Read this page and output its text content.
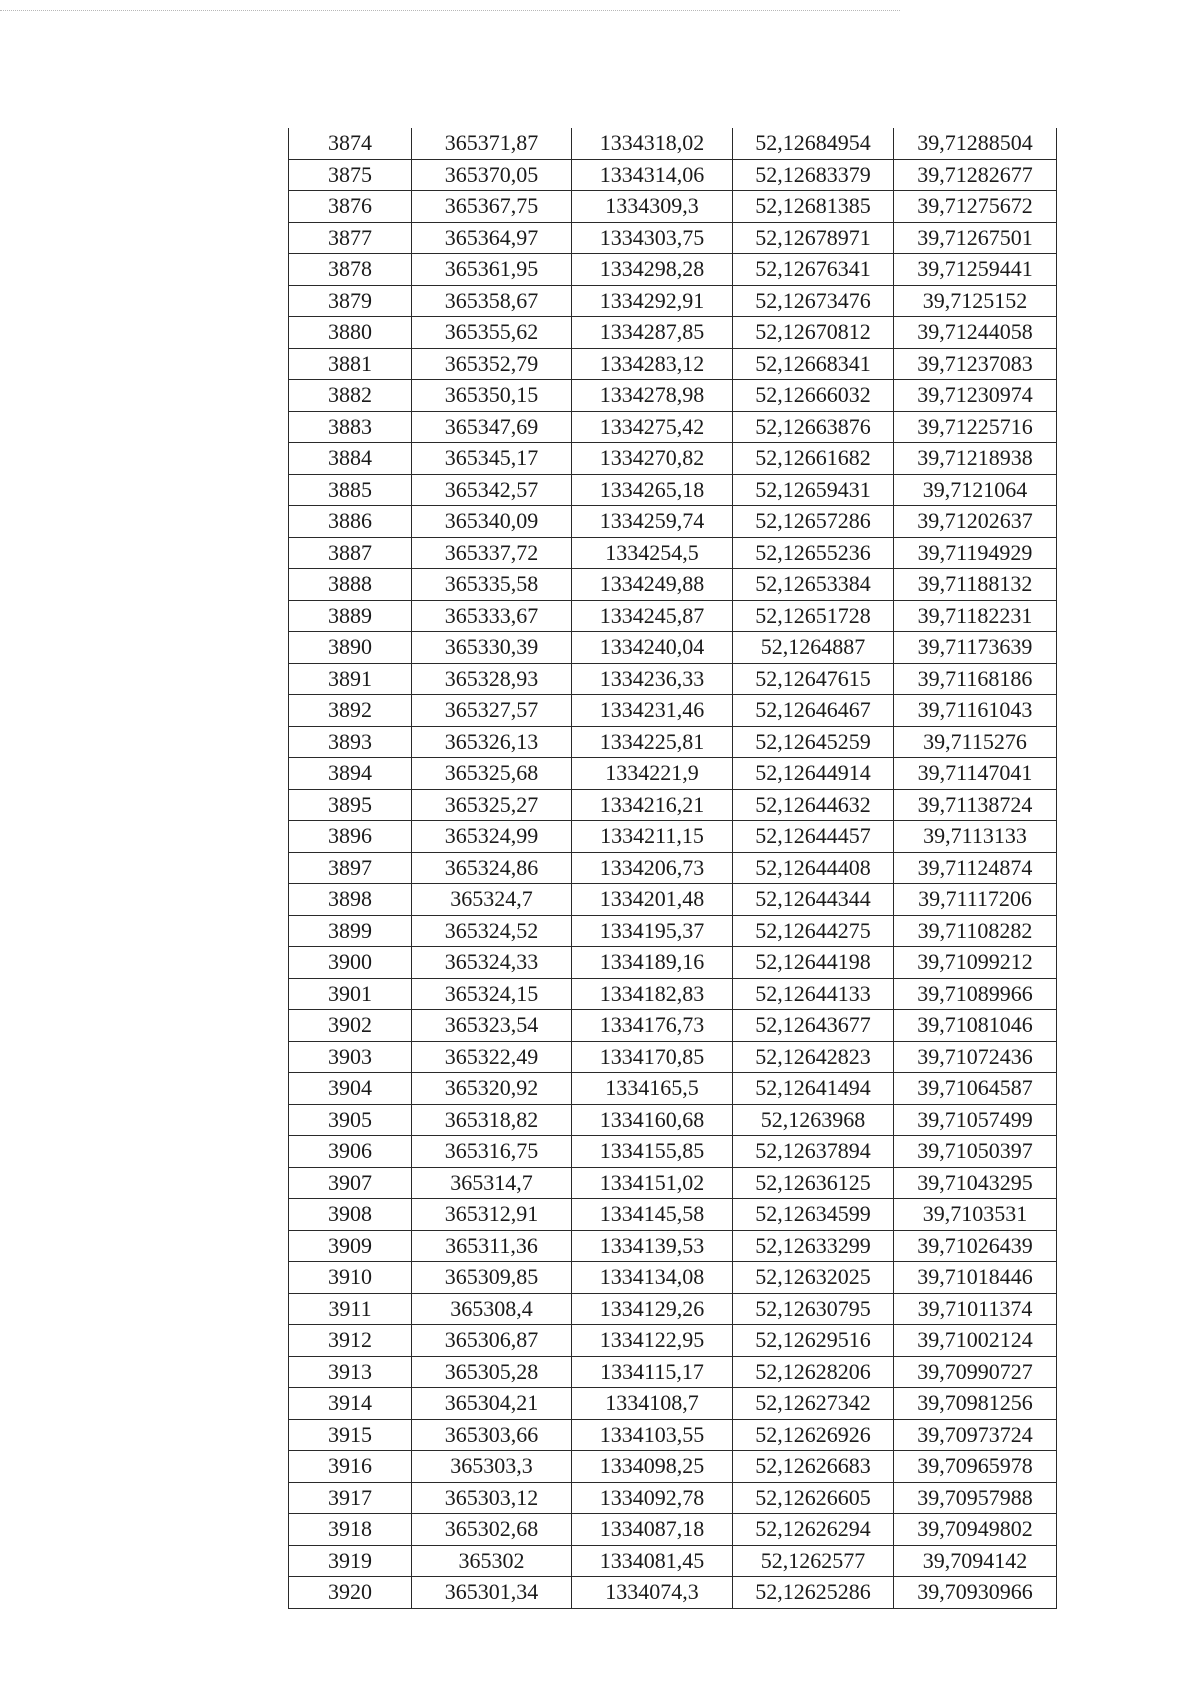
3874	365371,87	1334318,02	52,12684954	39,71288504
3875	365370,05	1334314,06	52,12683379	39,71282677
3876	365367,75	1334309,3	52,12681385	39,71275672
3877	365364,97	1334303,75	52,12678971	39,71267501
3878	365361,95	1334298,28	52,12676341	39,71259441
3879	365358,67	1334292,91	52,12673476	39,7125152
3880	365355,62	1334287,85	52,12670812	39,71244058
3881	365352,79	1334283,12	52,12668341	39,71237083
3882	365350,15	1334278,98	52,12666032	39,71230974
3883	365347,69	1334275,42	52,12663876	39,71225716
3884	365345,17	1334270,82	52,12661682	39,71218938
3885	365342,57	1334265,18	52,12659431	39,7121064
3886	365340,09	1334259,74	52,12657286	39,71202637
3887	365337,72	1334254,5	52,12655236	39,71194929
3888	365335,58	1334249,88	52,12653384	39,71188132
3889	365333,67	1334245,87	52,12651728	39,71182231
3890	365330,39	1334240,04	52,1264887	39,71173639
3891	365328,93	1334236,33	52,12647615	39,71168186
3892	365327,57	1334231,46	52,12646467	39,71161043
3893	365326,13	1334225,81	52,12645259	39,7115276
3894	365325,68	1334221,9	52,12644914	39,71147041
3895	365325,27	1334216,21	52,12644632	39,71138724
3896	365324,99	1334211,15	52,12644457	39,7113133
3897	365324,86	1334206,73	52,12644408	39,71124874
3898	365324,7	1334201,48	52,12644344	39,71117206
3899	365324,52	1334195,37	52,12644275	39,71108282
3900	365324,33	1334189,16	52,12644198	39,71099212
3901	365324,15	1334182,83	52,12644133	39,71089966
3902	365323,54	1334176,73	52,12643677	39,71081046
3903	365322,49	1334170,85	52,12642823	39,71072436
3904	365320,92	1334165,5	52,12641494	39,71064587
3905	365318,82	1334160,68	52,1263968	39,71057499
3906	365316,75	1334155,85	52,12637894	39,71050397
3907	365314,7	1334151,02	52,12636125	39,71043295
3908	365312,91	1334145,58	52,12634599	39,7103531
3909	365311,36	1334139,53	52,12633299	39,71026439
3910	365309,85	1334134,08	52,12632025	39,71018446
3911	365308,4	1334129,26	52,12630795	39,71011374
3912	365306,87	1334122,95	52,12629516	39,71002124
3913	365305,28	1334115,17	52,12628206	39,70990727
3914	365304,21	1334108,7	52,12627342	39,70981256
3915	365303,66	1334103,55	52,12626926	39,70973724
3916	365303,3	1334098,25	52,12626683	39,70965978
3917	365303,12	1334092,78	52,12626605	39,70957988
3918	365302,68	1334087,18	52,12626294	39,70949802
3919	365302	1334081,45	52,1262577	39,7094142
3920	365301,34	1334074,3	52,12625286	39,70930966
